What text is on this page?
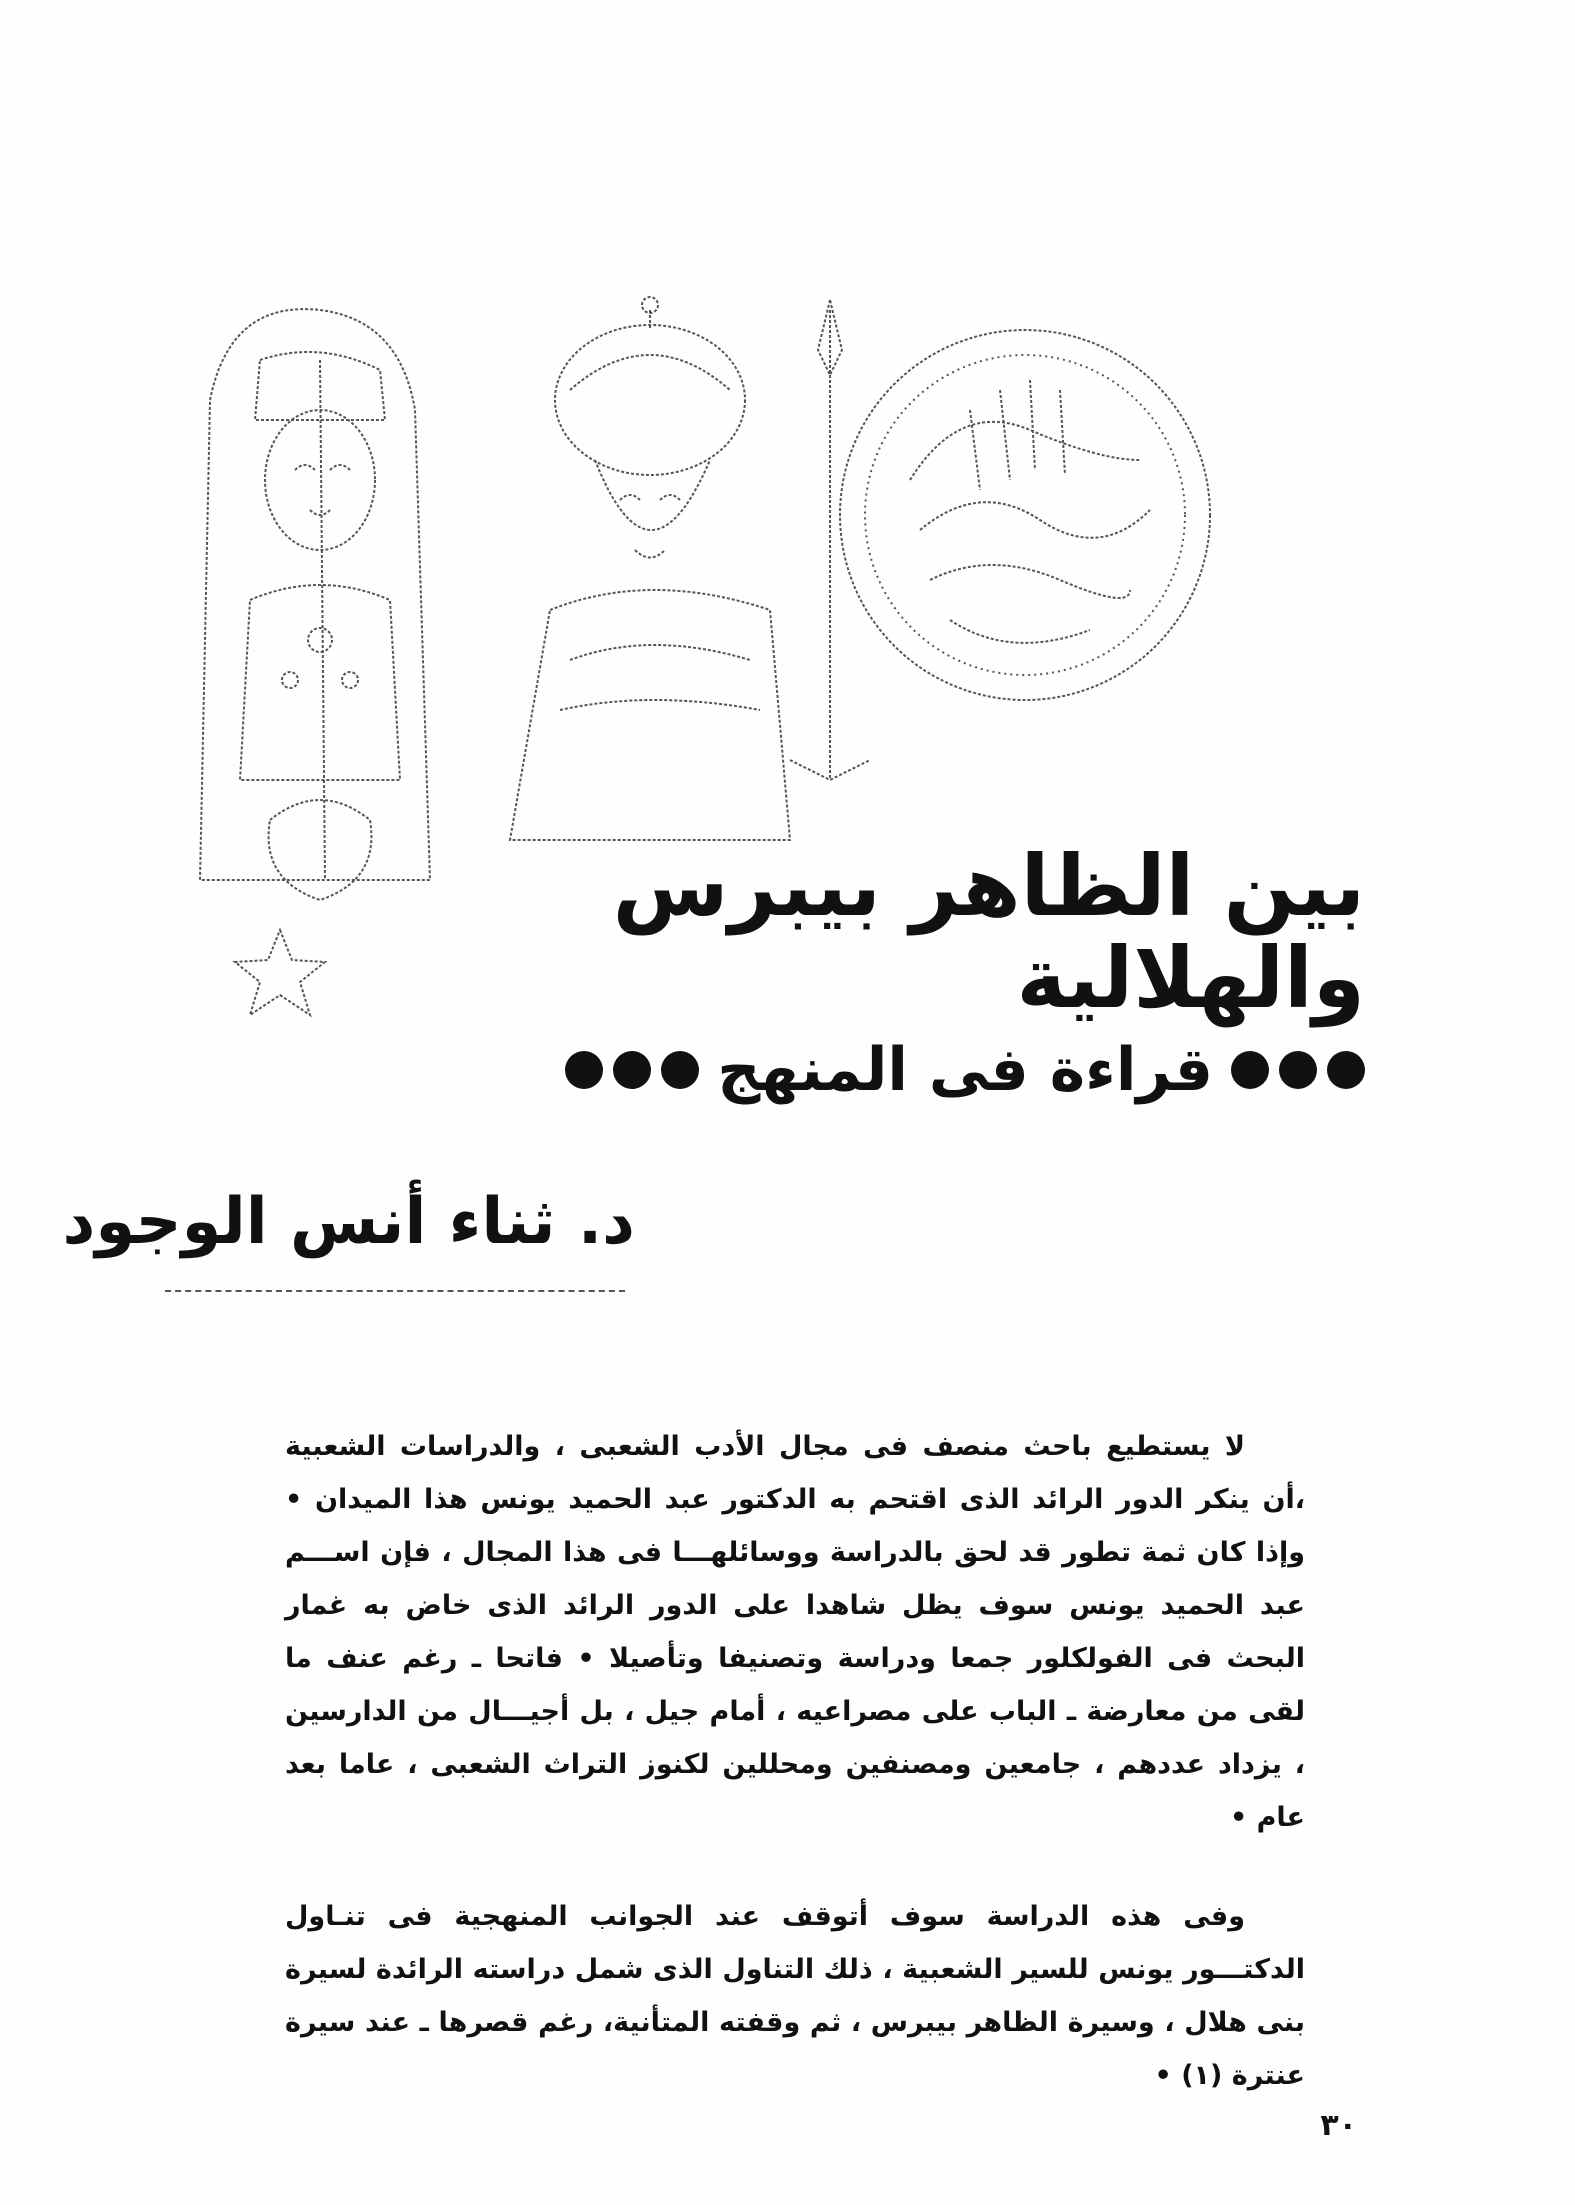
بين الظاهر بيبرس والهلالية
قراءة فى المنهج
د. ثناء أنس الوجود

لا يستطيع باحث منصف فى مجال الأدب الشعبى ، والدراسات الشعبية ،أن ينكر الدور الرائد الذى اقتحم به الدكتور عبد الحميد يونس هذا الميدان • وإذا كان ثمة تطور قد لحق بالدراسة ووسائلهـــا فى هذا المجال ، فإن اســـم عبد الحميد يونس سوف يظل شاهدا على الدور الرائد الذى خاض به غمار البحث فى الفولكلور جمعا ودراسة وتصنيفا وتأصيلا • فاتحا ـ رغم عنف ما لقى من معارضة ـ الباب على مصراعيه ، أمام جيل ، بل أجيـــال من الدارسين ، يزداد عددهم ، جامعين ومصنفين ومحللين لكنوز التراث الشعبى ، عاما بعد عام •

وفى هذه الدراسة سوف أتوقف عند الجوانب المنهجية فى تنـاول الدكتـــور يونس للسير الشعبية ، ذلك التناول الذى شمل دراسته الرائدة لسيرة بنى هلال ، وسيرة الظاهر بيبرس ، ثم وقفته المتأنية، رغم قصرها ـ عند سيرة عنترة (١) •

٣٠
